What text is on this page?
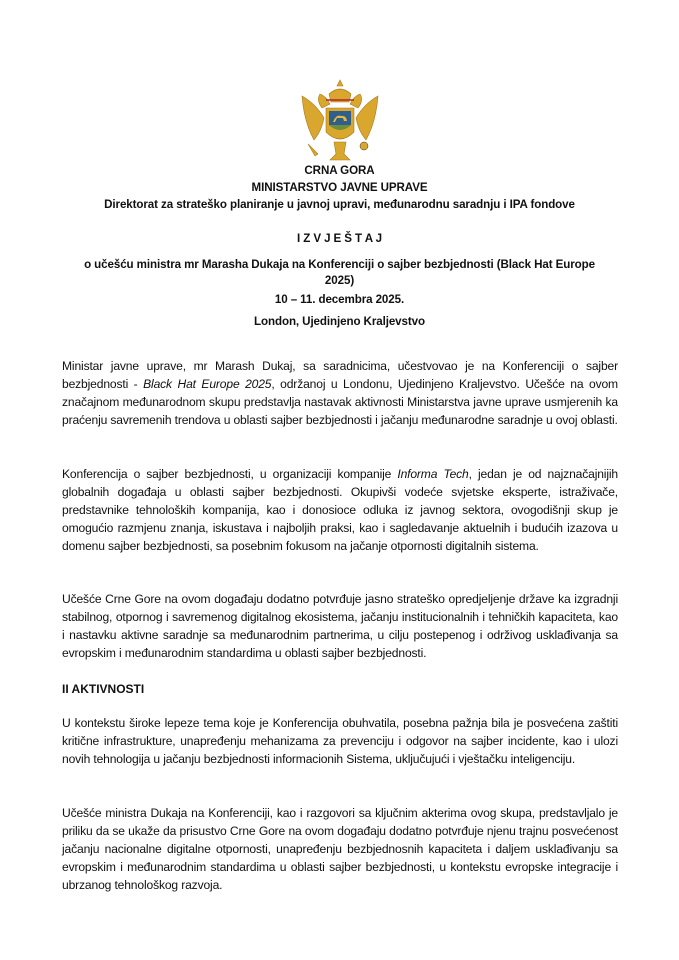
CRNA GORA
MINISTARSTVO JAVNE UPRAVE
Direktorat za strateško planiranje u javnoj upravi, međunarodnu saradnju i IPA fondove
I Z V J E Š T A J
o učešću ministra mr Marasha Dukaja na Konferenciji o sajber bezbjednosti (Black Hat Europe
2025)
10 – 11. decembra 2025.
London, Ujedinjeno Kraljevstvo

Ministar javne uprave, mr Marash Dukaj, sa saradnicima, učestvovao je na Konferenciji o sajber bezbjednosti - Black Hat Europe 2025, održanoj u Londonu, Ujedinjeno Kraljevstvo. Učešće na ovom značajnom međunarodnom skupu predstavlja nastavak aktivnosti Ministarstva javne uprave usmjerenih ka praćenju savremenih trendova u oblasti sajber bezbjednosti i jačanju međunarodne saradnje u ovoj oblasti.

Konferencija o sajber bezbjednosti, u organizaciji kompanije Informa Tech, jedan je od najznačajnijih globalnih događaja u oblasti sajber bezbjednosti. Okupivši vodeće svjetske eksperte, istraživače, predstavnike tehnoloških kompanija, kao i donosioce odluka iz javnog sektora, ovogodišnji skup je omogućio razmjenu znanja, iskustava i najboljih praksi, kao i sagledavanje aktuelnih i budućih izazova u domenu sajber bezbjednosti, sa posebnim fokusom na jačanje otpornosti digitalnih sistema.

Učešće Crne Gore na ovom događaju dodatno potvrđuje jasno strateško opredjeljenje države ka izgradnji stabilnog, otpornog i savremenog digitalnog ekosistema, jačanju institucionalnih i tehničkih kapaciteta, kao i nastavku aktivne saradnje sa međunarodnim partnerima, u cilju postepenog i održivog usklađivanja sa evropskim i međunarodnim standardima u oblasti sajber bezbjednosti.

II AKTIVNOSTI

U kontekstu široke lepeze tema koje je Konferencija obuhvatila, posebna pažnja bila je posvećena zaštiti kritične infrastrukture, unapređenju mehanizama za prevenciju i odgovor na sajber incidente, kao i ulozi novih tehnologija u jačanju bezbjednosti informacionih Sistema, uključujući i vještačku inteligenciju.

Učešće ministra Dukaja na Konferenciji, kao i razgovori sa ključnim akterima ovog skupa, predstavljalo je priliku da se ukaže da prisustvo Crne Gore na ovom događaju dodatno potvrđuje njenu trajnu posvećenost jačanju nacionalne digitalne otpornosti, unapređenju bezbjednosnih kapaciteta i daljem usklađivanju sa evropskim i međunarodnim standardima u oblasti sajber bezbjednosti, u kontekstu evropske integracije i ubrzanog tehnološkog razvoja.
